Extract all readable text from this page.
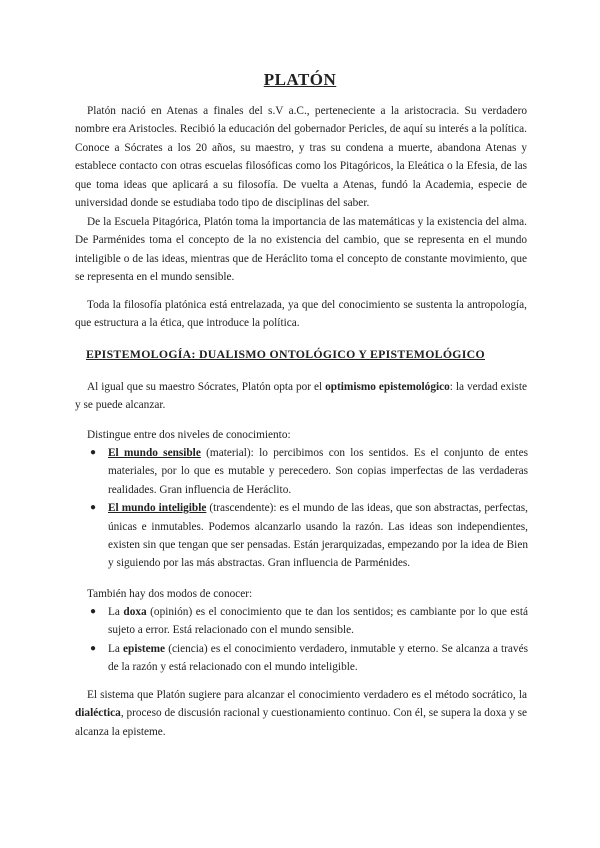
PLATÓN

Platón nació en Atenas a finales del s.V a.C., perteneciente a la aristocracia. Su verdadero nombre era Aristocles. Recibió la educación del gobernador Pericles, de aquí su interés a la política. Conoce a Sócrates a los 20 años, su maestro, y tras su condena a muerte, abandona Atenas y establece contacto con otras escuelas filosóficas como los Pitagóricos, la Eleática o la Efesia, de las que toma ideas que aplicará a su filosofía. De vuelta a Atenas, fundó la Academia, especie de universidad donde se estudiaba todo tipo de disciplinas del saber.

De la Escuela Pitagórica, Platón toma la importancia de las matemáticas y la existencia del alma. De Parménides toma el concepto de la no existencia del cambio, que se representa en el mundo inteligible o de las ideas, mientras que de Heráclito toma el concepto de constante movimiento, que se representa en el mundo sensible.

Toda la filosofía platónica está entrelazada, ya que del conocimiento se sustenta la antropología, que estructura a la ética, que introduce la política.

EPISTEMOLOGÍA: DUALISMO ONTOLÓGICO Y EPISTEMOLÓGICO

Al igual que su maestro Sócrates, Platón opta por el optimismo epistemológico: la verdad existe y se puede alcanzar.

Distingue entre dos niveles de conocimiento:
● El mundo sensible (material): lo percibimos con los sentidos. Es el conjunto de entes materiales, por lo que es mutable y perecedero. Son copias imperfectas de las verdaderas realidades. Gran influencia de Heráclito.
● El mundo inteligible (trascendente): es el mundo de las ideas, que son abstractas, perfectas, únicas e inmutables. Podemos alcanzarlo usando la razón. Las ideas son independientes, existen sin que tengan que ser pensadas. Están jerarquizadas, empezando por la idea de Bien y siguiendo por las más abstractas. Gran influencia de Parménides.
También hay dos modos de conocer:
● La doxa (opinión) es el conocimiento que te dan los sentidos; es cambiante por lo que está sujeto a error. Está relacionado con el mundo sensible.
● La episteme (ciencia) es el conocimiento verdadero, inmutable y eterno. Se alcanza a través de la razón y está relacionado con el mundo inteligible.

El sistema que Platón sugiere para alcanzar el conocimiento verdadero es el método socrático, la dialéctica, proceso de discusión racional y cuestionamiento continuo. Con él, se supera la doxa y se alcanza la episteme.
